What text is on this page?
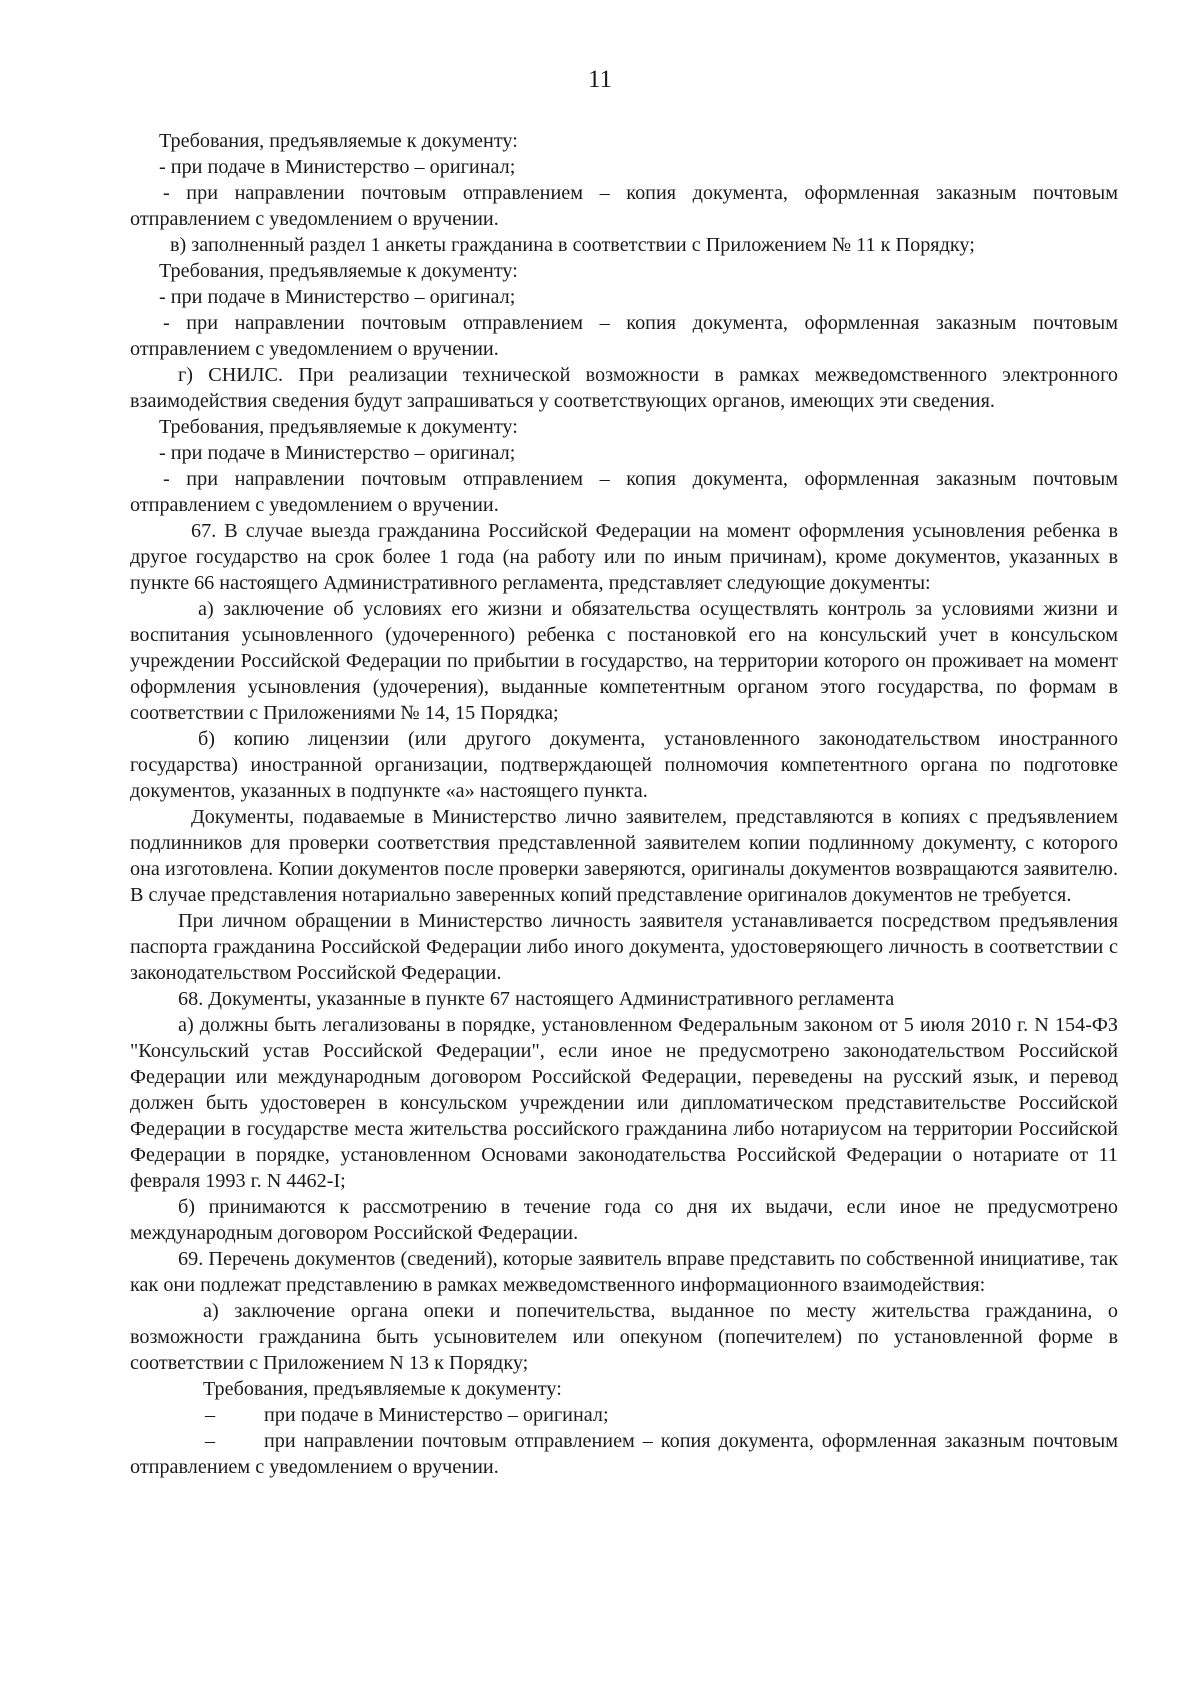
11

Требования, предъявляемые к документу:

- при подаче в Министерство – оригинал;

- при направлении почтовым отправлением – копия документа, оформленная заказным почтовым отправлением с уведомлением о вручении.

в) заполненный раздел 1 анкеты гражданина в соответствии с Приложением № 11 к Порядку;

Требования, предъявляемые к документу:

- при подаче в Министерство – оригинал;

- при направлении почтовым отправлением – копия документа, оформленная заказным почтовым отправлением с уведомлением о вручении.

г) СНИЛС. При реализации технической возможности в рамках межведомственного электронного взаимодействия сведения будут запрашиваться у соответствующих органов, имеющих эти сведения.

Требования, предъявляемые к документу:

- при подаче в Министерство – оригинал;

- при направлении почтовым отправлением – копия документа, оформленная заказным почтовым отправлением с уведомлением о вручении.

67. В случае выезда гражданина Российской Федерации на момент оформления усыновления ребенка в другое государство на срок более 1 года (на работу или по иным причинам), кроме документов, указанных в пункте 66 настоящего Административного регламента, представляет следующие документы:

а) заключение об условиях его жизни и обязательства осуществлять контроль за условиями жизни и воспитания усыновленного (удочеренного) ребенка с постановкой его на консульский учет в консульском учреждении Российской Федерации по прибытии в государство, на территории которого он проживает на момент оформления усыновления (удочерения), выданные компетентным органом этого государства, по формам в соответствии с Приложениями № 14, 15 Порядка;

б) копию лицензии (или другого документа, установленного законодательством иностранного государства) иностранной организации, подтверждающей полномочия компетентного органа по подготовке документов, указанных в подпункте «а» настоящего пункта.

Документы, подаваемые в Министерство лично заявителем, представляются в копиях с предъявлением подлинников для проверки соответствия представленной заявителем копии подлинному документу, с которого она изготовлена. Копии документов после проверки заверяются, оригиналы документов возвращаются заявителю. В случае представления нотариально заверенных копий представление оригиналов документов не требуется.

При личном обращении в Министерство личность заявителя устанавливается посредством предъявления паспорта гражданина Российской Федерации либо иного документа, удостоверяющего личность в соответствии с законодательством Российской Федерации.

68. Документы, указанные в пункте 67 настоящего Административного регламента

а) должны быть легализованы в порядке, установленном Федеральным законом от 5 июля 2010 г. N 154-ФЗ "Консульский устав Российской Федерации", если иное не предусмотрено законодательством Российской Федерации или международным договором Российской Федерации, переведены на русский язык, и перевод должен быть удостоверен в консульском учреждении или дипломатическом представительстве Российской Федерации в государстве места жительства российского гражданина либо нотариусом на территории Российской Федерации в порядке, установленном Основами законодательства Российской Федерации о нотариате от 11 февраля 1993 г. N 4462-I;

б) принимаются к рассмотрению в течение года со дня их выдачи, если иное не предусмотрено международным договором Российской Федерации.

69. Перечень документов (сведений), которые заявитель вправе представить по собственной инициативе, так как они подлежат представлению в рамках межведомственного информационного взаимодействия:

а) заключение органа опеки и попечительства, выданное по месту жительства гражданина, о возможности гражданина быть усыновителем или опекуном (попечителем) по установленной форме в соответствии с Приложением N 13 к Порядку;

Требования, предъявляемые к документу:

–	при подаче в Министерство – оригинал;

– при направлении почтовым отправлением – копия документа, оформленная заказным почтовым отправлением с уведомлением о вручении.
